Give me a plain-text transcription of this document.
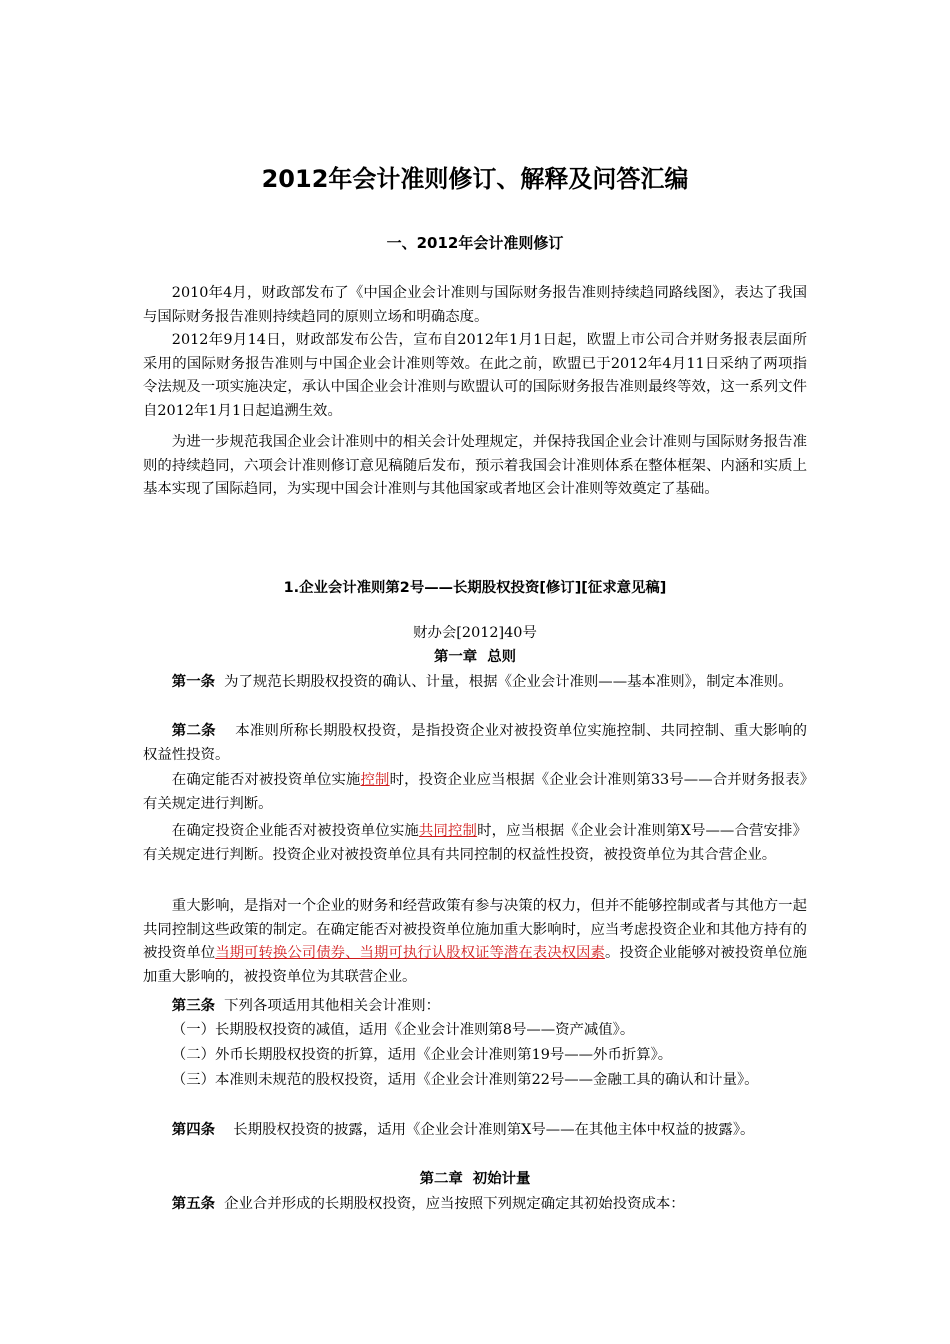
2012年会计准则修订、解释及问答汇编
一、2012年会计准则修订

2010年4月，财政部发布了《中国企业会计准则与国际财务报告准则持续趋同路线图》，表达了我国与国际财务报告准则持续趋同的原则立场和明确态度。

2012年9月14日，财政部发布公告，宣布自2012年1月1日起，欧盟上市公司合并财务报表层面所采用的国际财务报告准则与中国企业会计准则等效。在此之前，欧盟已于2012年4月11日采纳了两项指令法规及一项实施决定，承认中国企业会计准则与欧盟认可的国际财务报告准则最终等效，这一系列文件自2012年1月1日起追溯生效。

为进一步规范我国企业会计准则中的相关会计处理规定，并保持我国企业会计准则与国际财务报告准则的持续趋同，六项会计准则修订意见稿随后发布，预示着我国会计准则体系在整体框架、内涵和实质上基本实现了国际趋同，为实现中国会计准则与其他国家或者地区会计准则等效奠定了基础。

1.企业会计准则第2号——长期股权投资[修订][征求意见稿]
财办会[2012]40号
第一章  总则

第一条 为了规范长期股权投资的确认、计量，根据《企业会计准则——基本准则》，制定本准则。

第二条 本准则所称长期股权投资，是指投资企业对被投资单位实施控制、共同控制、重大影响的权益性投资。

在确定能否对被投资单位实施控制时，投资企业应当根据《企业会计准则第33号——合并财务报表》有关规定进行判断。

在确定投资企业能否对被投资单位实施共同控制时，应当根据《企业会计准则第X号——合营安排》有关规定进行判断。投资企业对被投资单位具有共同控制的权益性投资，被投资单位为其合营企业。

重大影响，是指对一个企业的财务和经营政策有参与决策的权力，但并不能够控制或者与其他方一起共同控制这些政策的制定。在确定能否对被投资单位施加重大影响时，应当考虑投资企业和其他方持有的被投资单位当期可转换公司债券、当期可执行认股权证等潜在表决权因素。投资企业能够对被投资单位施加重大影响的，被投资单位为其联营企业。

第三条 下列各项适用其他相关会计准则：

（一）长期股权投资的减值，适用《企业会计准则第8号——资产减值》。

（二）外币长期股权投资的折算，适用《企业会计准则第19号——外币折算》。

（三）本准则未规范的股权投资，适用《企业会计准则第22号——金融工具的确认和计量》。

第四条 长期股权投资的披露，适用《企业会计准则第X号——在其他主体中权益的披露》。

第二章  初始计量

第五条 企业合并形成的长期股权投资，应当按照下列规定确定其初始投资成本：
